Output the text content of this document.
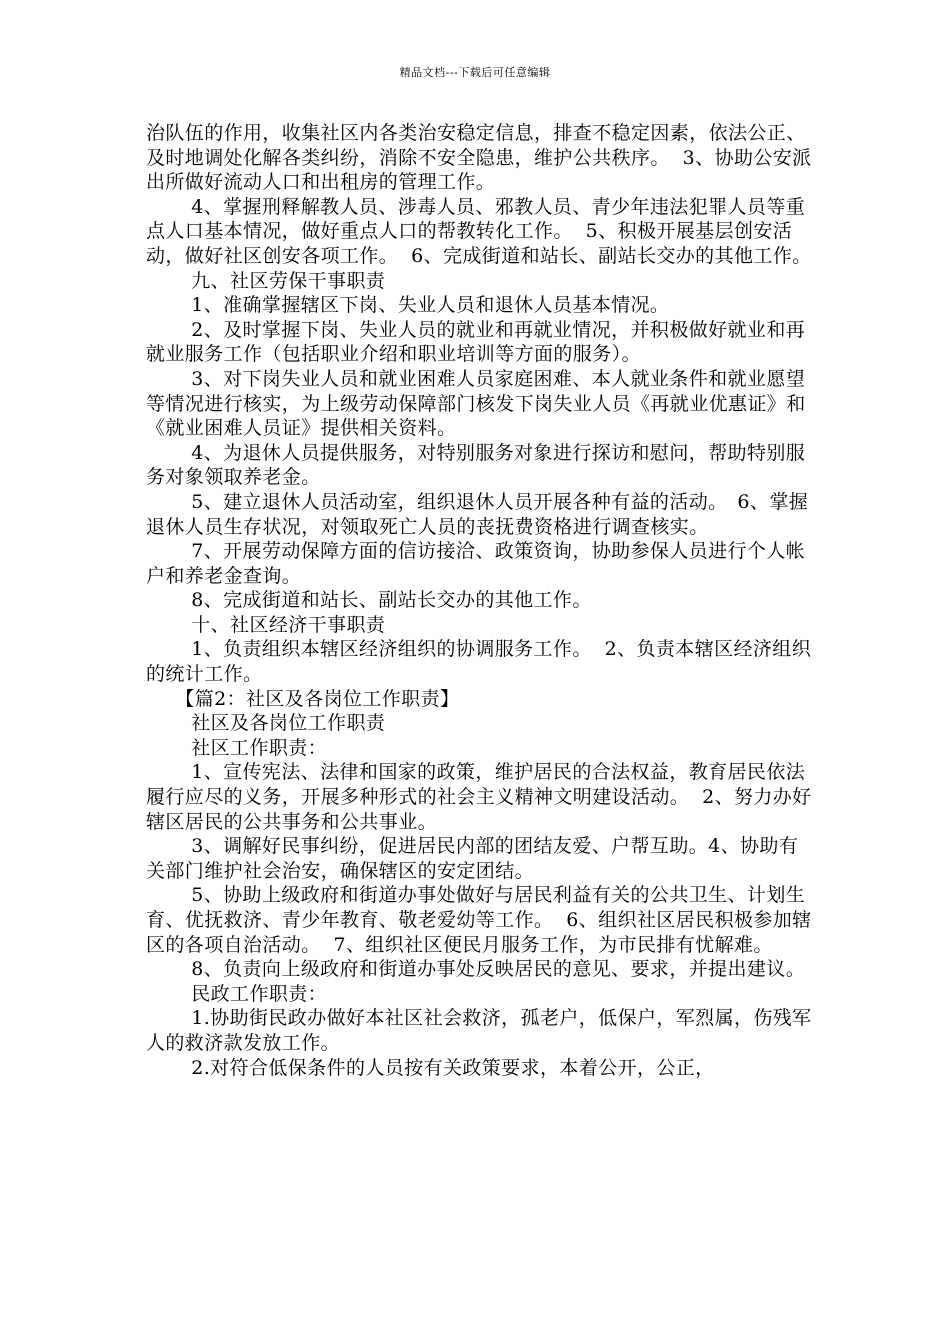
精品文档---下载后可任意编辑

治队伍的作用，收集社区内各类治安稳定信息，排查不稳定因素，依法公正、及时地调处化解各类纠纷，消除不安全隐患，维护公共秩序。  3、协助公安派出所做好流动人口和出租房的管理工作。

　　 4、掌握刑释解教人员、涉毒人员、邪教人员、青少年违法犯罪人员等重点人口基本情况，做好重点人口的帮教转化工作。  5、积极开展基层创安活动，做好社区创安各项工作。  6、完成街道和站长、副站长交办的其他工作。

　　 九、社区劳保干事职责

　　 1、准确掌握辖区下岗、失业人员和退休人员基本情况。

　　 2、及时掌握下岗、失业人员的就业和再就业情况，并积极做好就业和再就业服务工作（包括职业介绍和职业培训等方面的服务）。

　　 3、对下岗失业人员和就业困难人员家庭困难、本人就业条件和就业愿望等情况进行核实，为上级劳动保障部门核发下岗失业人员《再就业优惠证》和《就业困难人员证》提供相关资料。

　　 4、为退休人员提供服务，对特别服务对象进行探访和慰问，帮助特别服务对象领取养老金。

　　 5、建立退休人员活动室，组织退休人员开展各种有益的活动。　6、掌握退休人员生存状况，对领取死亡人员的丧抚费资格进行调查核实。

　　 7、开展劳动保障方面的信访接洽、政策资询，协助参保人员进行个人帐户和养老金查询。

　　 8、完成街道和站长、副站长交办的其他工作。

　　 十、社区经济干事职责

　　 1、负责组织本辖区经济组织的协调服务工作。  2、负责本辖区经济组织的统计工作。

　　【篇2：社区及各岗位工作职责】

　　 社区及各岗位工作职责

　　 社区工作职责：

　　 1、宣传宪法、法律和国家的政策，维护居民的合法权益，教育居民依法履行应尽的义务，开展多种形式的社会主义精神文明建设活动。  2、努力办好辖区居民的公共事务和公共事业。

　　 3、调解好民事纠纷，促进居民内部的团结友爱、户帮互助。4、协助有关部门维护社会治安，确保辖区的安定团结。

　　 5、协助上级政府和街道办事处做好与居民利益有关的公共卫生、计划生育、优抚救济、青少年教育、敬老爱幼等工作。  6、组织社区居民积极参加辖区的各项自治活动。  7、组织社区便民月服务工作，为市民排有忧解难。

　　 8、负责向上级政府和街道办事处反映居民的意见、要求，并提出建议。

　　 民政工作职责：

　　 1.协助街民政办做好本社区社会救济，孤老户，低保户，军烈属，伤残军人的救济款发放工作。

　　 2.对符合低保条件的人员按有关政策要求，本着公开，公正，
